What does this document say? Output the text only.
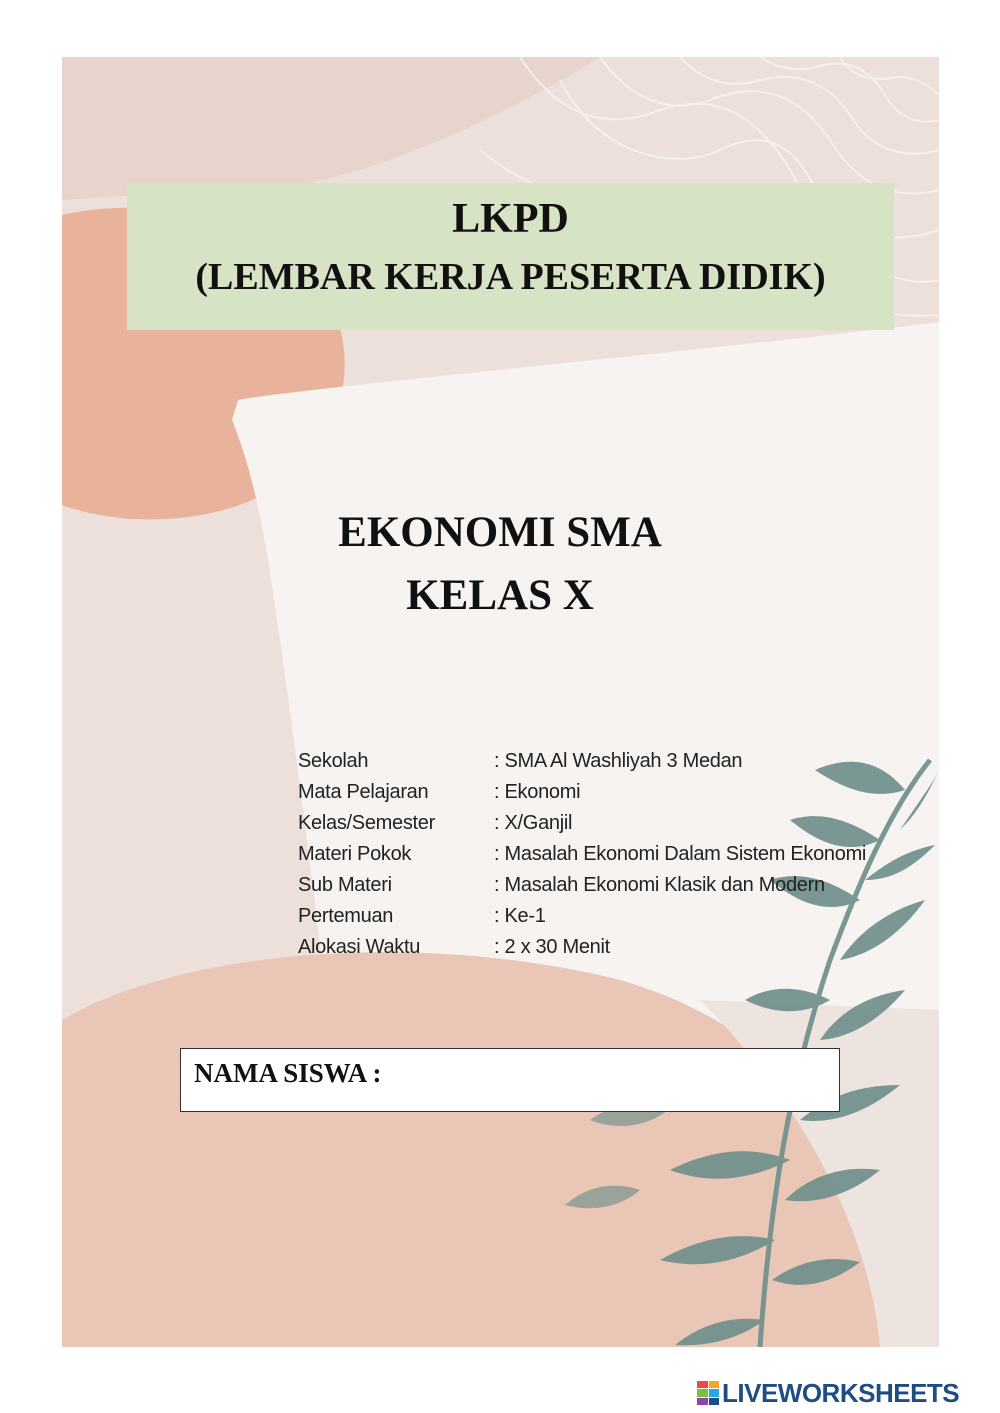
LKPD
(LEMBAR KERJA PESERTA DIDIK)
EKONOMI SMA
KELAS X
Sekolah	: SMA Al Washliyah 3 Medan
Mata Pelajaran	: Ekonomi
Kelas/Semester	: X/Ganjil
Materi Pokok	: Masalah Ekonomi Dalam Sistem Ekonomi
Sub Materi	: Masalah Ekonomi Klasik dan Modern
Pertemuan	: Ke-1
Alokasi Waktu	: 2 x 30 Menit
NAMA SISWA :
LIVEWORKSHEETS
